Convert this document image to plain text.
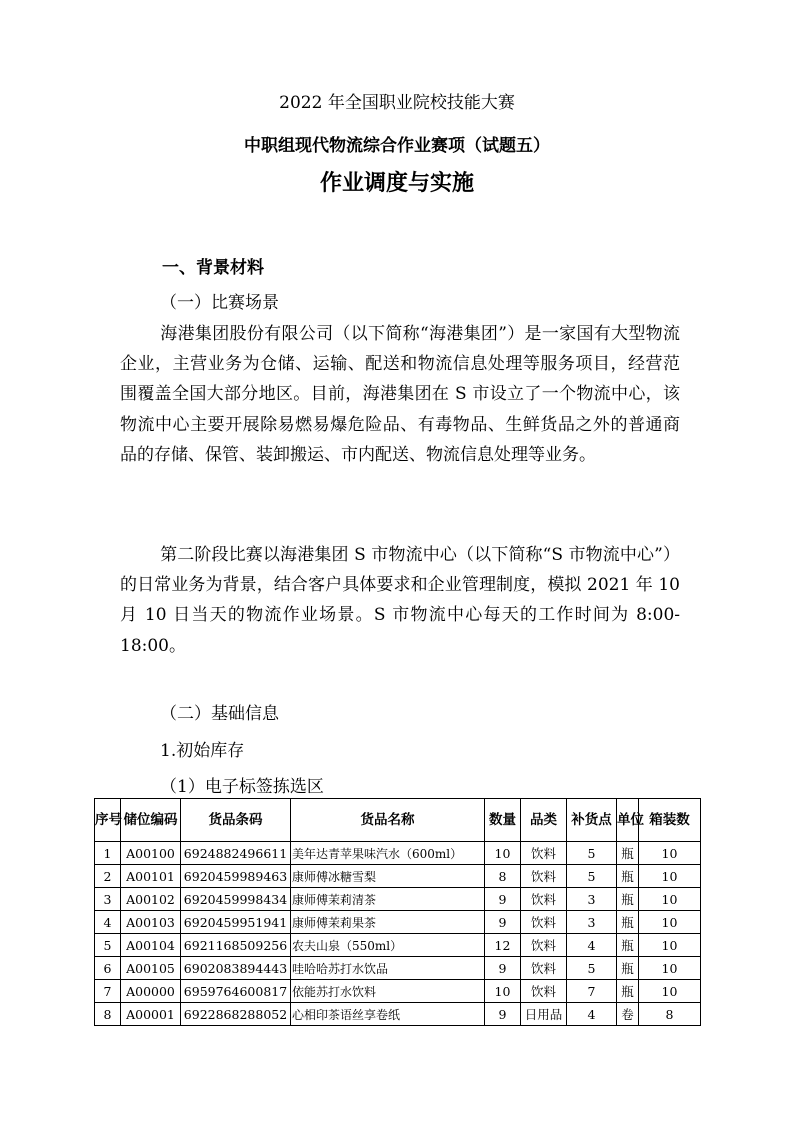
2022 年全国职业院校技能大赛
中职组现代物流综合作业赛项（试题五）
作业调度与实施
一、背景材料
（一）比赛场景
海港集团股份有限公司（以下简称“海港集团”）是一家国有大型物流企业，主营业务为仓储、运输、配送和物流信息处理等服务项目，经营范围覆盖全国大部分地区。目前，海港集团在 S 市设立了一个物流中心，该物流中心主要开展除易燃易爆危险品、有毒物品、生鲜货品之外的普通商品的存储、保管、装卸搬运、市内配送、物流信息处理等业务。
第二阶段比赛以海港集团 S 市物流中心（以下简称“S 市物流中心”）的日常业务为背景，结合客户具体要求和企业管理制度，模拟 2021 年 10 月 10 日当天的物流作业场景。S 市物流中心每天的工作时间为 8:00-18:00。
（二）基础信息
1.初始库存
（1）电子标签拣选区
序号	储位编码	货品条码	货品名称	数量	品类	补货点	单位	箱装数
1	A00100	6924882496611	美年达青苹果味汽水（600ml）	10	饮料	5	瓶	10
2	A00101	6920459989463	康师傅冰糖雪梨	8	饮料	5	瓶	10
3	A00102	6920459998434	康师傅茉莉清茶	9	饮料	3	瓶	10
4	A00103	6920459951941	康师傅茉莉果茶	9	饮料	3	瓶	10
5	A00104	6921168509256	农夫山泉（550ml）	12	饮料	4	瓶	10
6	A00105	6902083894443	哇哈哈苏打水饮品	9	饮料	5	瓶	10
7	A00000	6959764600817	依能苏打水饮料	10	饮料	7	瓶	10
8	A00001	6922868288052	心相印茶语丝享卷纸	9	日用品	4	卷	8
